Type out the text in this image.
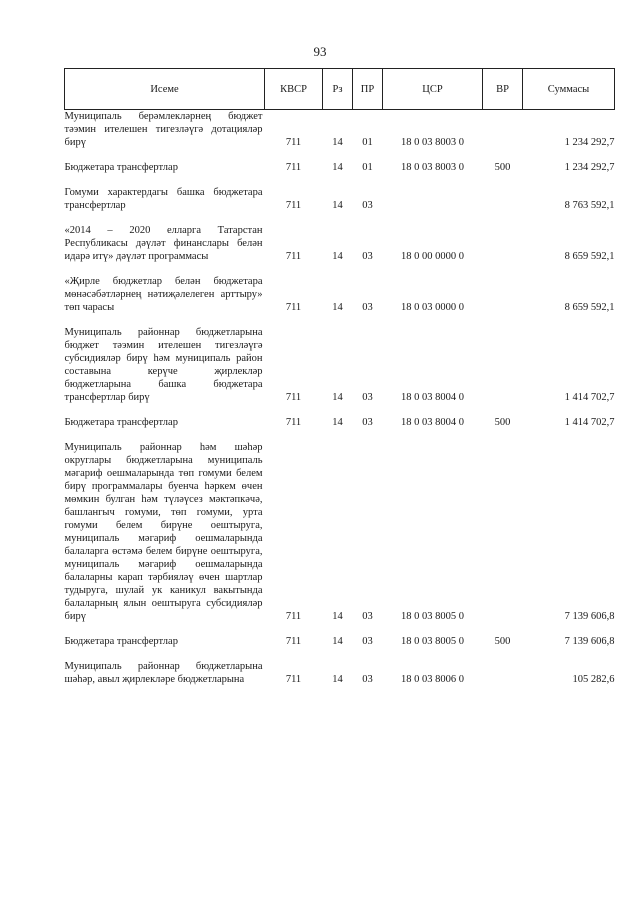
93
Исеме	КВСР	Рз	ПР	ЦСР	ВР	Суммасы
Муниципаль берәмлекләрнең бюджет тәэмин ителешен тигезләүгә дотацияләр бирү	711	14	01	18 0 03 8003 0		1 234 292,7
Бюджетара трансфертлар	711	14	01	18 0 03 8003 0	500	1 234 292,7
Гомуми характердагы башка бюджетара трансфертлар	711	14	03			8 763 592,1
«2014 – 2020 елларга Татарстан Республикасы дәүләт финанслары белән идарә итү» дәүләт программасы	711	14	03	18 0 00 0000 0		8 659 592,1
«Җирле бюджетлар белән бюджетара мөнәсәбәтләрнең нәтиҗәлелеген арттыру» төп чарасы	711	14	03	18 0 03 0000 0		8 659 592,1
Муниципаль районнар бюджетларына бюджет тәэмин ителешен тигезләүгә субсидияләр бирү һәм муниципаль район составына керүче җирлекләр бюджетларына башка бюджетара трансфертлар бирү	711	14	03	18 0 03 8004 0		1 414 702,7
Бюджетара трансфертлар	711	14	03	18 0 03 8004 0	500	1 414 702,7
Муниципаль районнар һәм шәһәр округлары бюджетларына муниципаль мәгариф оешмаларында төп гомуми белем бирү программалары буенча һәркем өчен мөмкин булган һәм түләүсез мәктәпкәчә, башлангыч гомуми, төп гомуми, урта гомуми белем бирүне оештыруга, муниципаль мәгариф оешмаларында балаларга өстәмә белем бирүне оештыруга, муниципаль мәгариф оешмаларында балаларны карап тәрбияләү өчен шартлар тудыруга, шулай ук каникул вакытында балаларның ялын оештыруга субсидияләр бирү	711	14	03	18 0 03 8005 0		7 139 606,8
Бюджетара трансфертлар	711	14	03	18 0 03 8005 0	500	7 139 606,8
Муниципаль районнар бюджетларына шәһәр, авыл җирлекләре бюджетларына	711	14	03	18 0 03 8006 0		105 282,6
